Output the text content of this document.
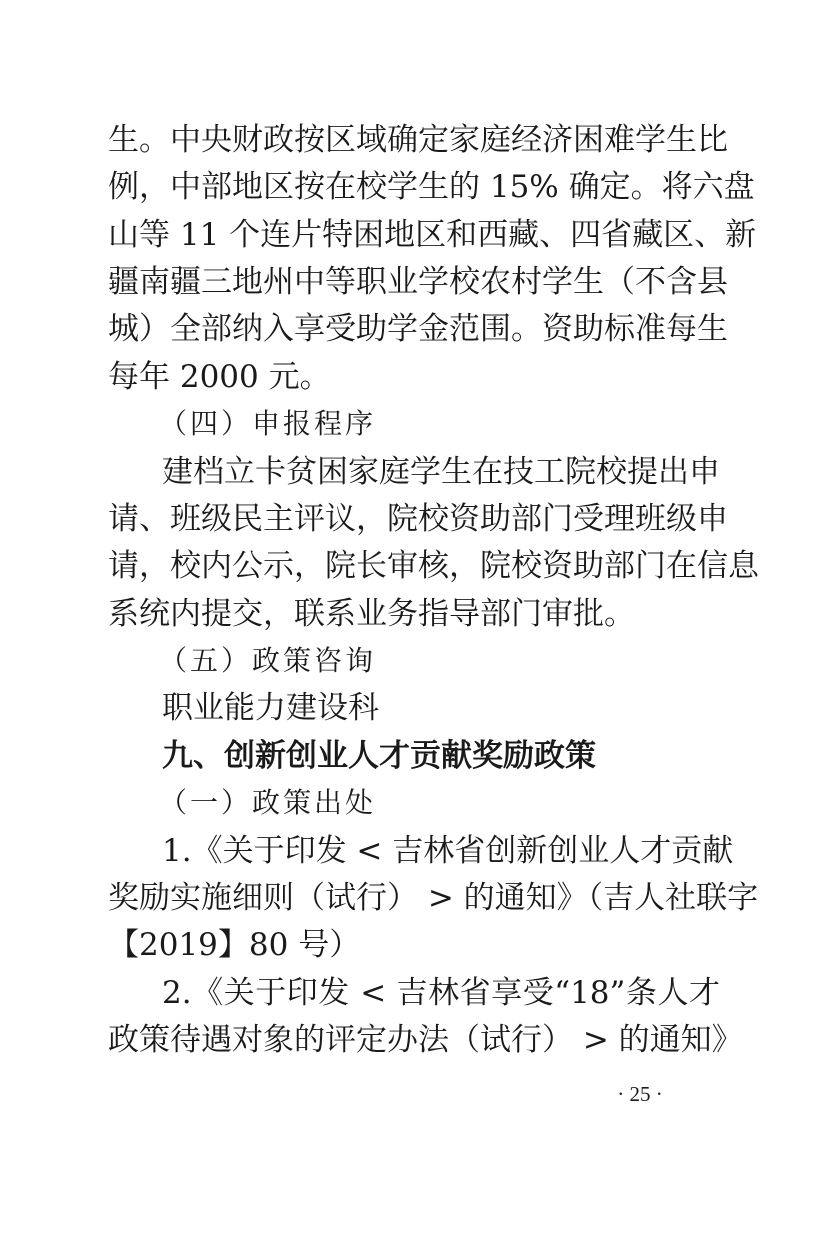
生。中央财政按区域确定家庭经济困难学生比
例，中部地区按在校学生的 15% 确定。将六盘
山等 11 个连片特困地区和西藏、四省藏区、新
疆南疆三地州中等职业学校农村学生（不含县
城）全部纳入享受助学金范围。资助标准每生
每年 2000 元。
（四）申报程序
建档立卡贫困家庭学生在技工院校提出申
请、班级民主评议，院校资助部门受理班级申
请，校内公示，院长审核，院校资助部门在信息
系统内提交，联系业务指导部门审批。
（五）政策咨询
职业能力建设科
九、创新创业人才贡献奖励政策
（一）政策出处
1.《关于印发 < 吉林省创新创业人才贡献
奖励实施细则（试行） > 的通知》（吉人社联字
【2019】80 号）
2.《关于印发 < 吉林省享受“18”条人才
政策待遇对象的评定办法（试行） > 的通知》
· 25 ·
